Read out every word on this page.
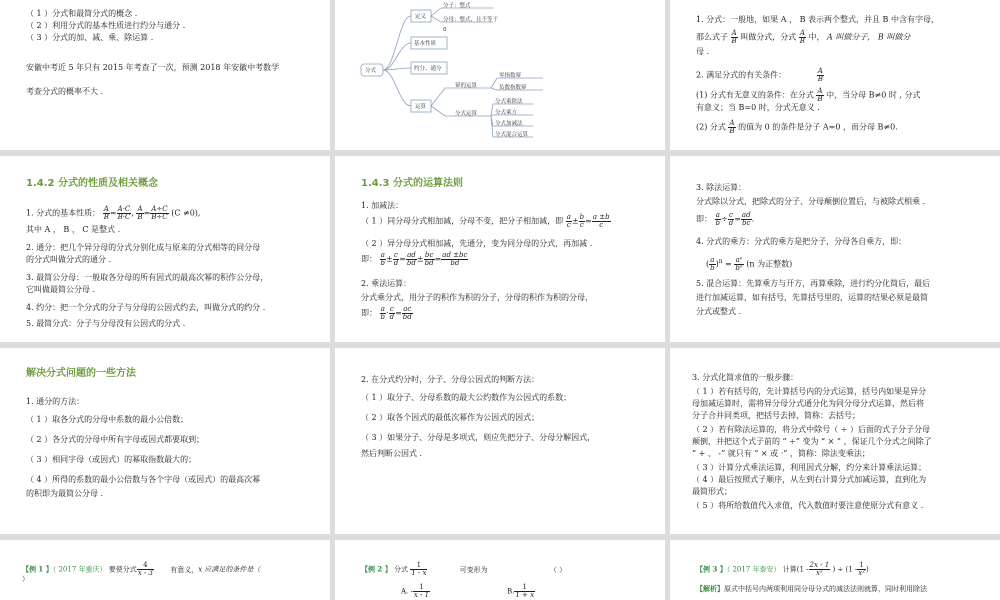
（ 1 ）分式和最简分式的概念 .
（ 2 ）利用分式的基本性质进行约分与通分 .
（ 3 ）分式的加、减、乘、除运算 .
安徽中考近 5 年只有 2015 年考查了一次，预测 2018 年安徽中考数学
考查分式的概率不大 .
分式
定义
分子：整式
分母：整式，且不等于
0
基本性质
约分、通分
运算
幂的运算
零指数幂
负数指数幂
分式运算
分式乘除法
分式乘方
分式加减法
分式混合运算
1. 分式：一般地，如果 A ， B 表示两个整式，并且 B 中含有字母，
那么式子 $\frac{A}{B}$ 叫做分式，分式 $\frac{A}{B}$ 中， A 叫做分子， B 叫做分
母 .
2. 满足分式的有关条件：	$\frac{A}{B}$
(1) 分式有无意义的条件：在分式 $\frac{A}{B}$ 中，当分母 B≠0 时 , 分式
有意义；当 B=0 时，分式无意义 .
(2) 分式 $\frac{A}{B}$ 的值为 0 的条件是分子 A=0 ，而分母 B≠0.
1.4.2 分式的性质及相关概念
1. 分式的基本性质： $\frac{A}{B} = \frac{A\cdot C}{B\cdot C}$ , $\frac{A}{B} = \frac{A\div C}{B\div C} (C \ne 0)$,
其中 A ， B ， C 是整式 .
2. 通分：把几个异分母的分式分别化成与原来的分式相等的同分母
的分式叫做分式的通分 .
3. 最简公分母：一般取各分母的所有因式的最高次幂的积作公分母，
它叫做最简公分母 .
4. 约分：把一个分式的分子与分母的公因式约去，叫做分式的约分 .
5. 最简分式：分子与分母没有公因式的分式 .
1.4.3 分式的运算法则
1. 加减法：
（ 1 ）同分母分式相加减，分母不变，把分子相加减，即 $\frac{a}{c} \pm \frac{b}{c} = \frac{a \pm b}{c}$
（ 2 ）异分母分式相加减，先通分，变为同分母的分式，再加减 .
即： $\frac{a}{b} \pm \frac{c}{d} = \frac{ad}{bd} \pm \frac{bc}{bd} = \frac{ad \pm bc}{bd}$
2. 乘法运算：
分式乘分式，用分子的积作为积的分子，分母的积作为积的分母，
即： $\frac{a}{b} \cdot \frac{c}{d} = \frac{ac}{bd}$
3. 除法运算：
分式除以分式，把除式的分子、分母颠倒位置后，与被除式相乘 .
即： $\frac{a}{b} \div \frac{c}{d} = \frac{ad}{bc}$ .
4. 分式的乘方：分式的乘方是把分子，分母各自乘方，即：
( $\frac{a}{b} )^n = \frac{\text{aⁿ}}{\text{bⁿ}} (n$ 为正整数)
5. 混合运算：先算乘方与开方，再算乘除，进行约分化简后，最后
进行加减运算，如有括号，先算括号里的，运算的结果必须是最简
分式或整式 .
解决分式问题的一些方法
1. 通分的方法：
（ 1 ）取各分式的分母中系数的最小公倍数；
（ 2 ）各分式的分母中所有字母或因式都要取到；
（ 3 ）相同字母（或因式）的幂取指数最大的；
（ 4 ）所得的系数的最小公倍数与各个字母（或因式）的最高次幂
的积即为最简公分母 .
2. 在分式约分时，分子、分母公因式的判断方法：
（ 1 ）取分子、分母系数的最大公约数作为公因式的系数；
（ 2 ）取各个因式的最低次幂作为公因式的因式；
（ 3 ）如果分子、分母是多项式，则应先把分子、分母分解因式，
然后判断公因式 .
3. 分式化简求值的一般步骤：
（ 1 ）若有括号的，先计算括号内的分式运算，括号内如果是异分
母加减运算时，需将异分母分式通分化为同分母分式运算，然后将
分子合并同类项，把括号去掉，简称：去括号；
（ 2 ）若有除法运算的，将分式中除号（ ÷ ）后面的式子分子分母
颠倒，并把这个式子前的 “ ÷” 变为 “ × ” ，保证几个分式之间除了
“ + 、 -” 就只有 “ × 或 ·” ，简称：除法变乘法；
（ 3 ）计算分式乘法运算，利用因式分解，约分来计算乘法运算；
（ 4 ）最后按照式子顺序，从左到右计算分式加减运算，直到化为
最简形式；
（ 5 ）将所给数值代入求值，代入数值时要注意使原分式有意义 .
【例 1 】（ 2017 年重庆） 要使分式 $\frac{4}{x - 3}$ 有意义，x 应满足的条件是（
）
【例 2 】 分式 $\frac{1}{1 - x}$	可变形为	（ ）
A. - $\frac{1}{x - 1}$	B. $\frac{1}{1 + x}$
【例 3 】（ 2017 年泰安） 计算($1 - \frac{2x - 1}{\text{x²}}$ ) ÷ ($1 - \frac{1}{\text{x²}}$ )
【解析】原式中括号内两项利用同分母分式的减法法则就算，同时利用除法
